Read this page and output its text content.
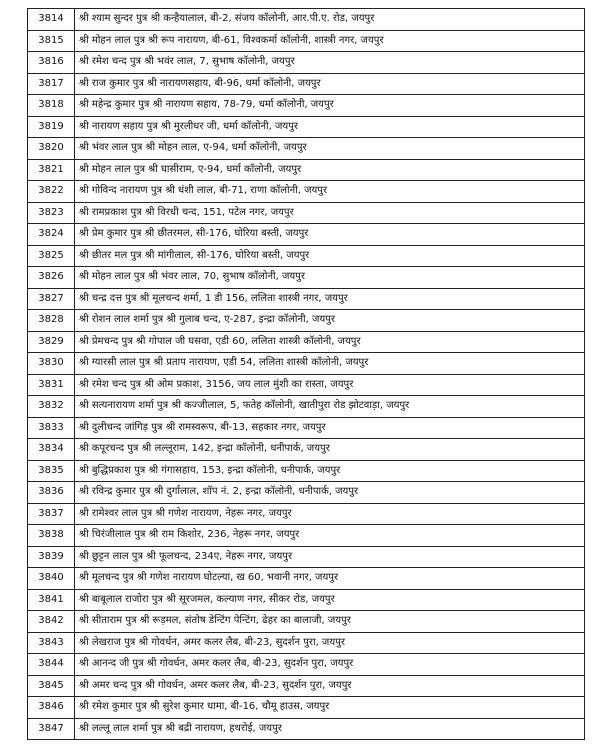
3814	श्री श्याम सुन्दर पुत्र श्री कन्हैयालाल, बी-2, संजय कॉलोनी, आर.पी.ए. रोड, जयपुर
3815	श्री मोहन लाल पुत्र श्री रूप नारायण, बी-61, विश्वकर्मा कॉलोनी, शास्त्री नगर, जयपुर
3816	श्री रमेश चन्द पुत्र श्री भवंर लाल, 7, सुभाष कॉलोनी, जयपुर
3817	श्री राज कुमार पुत्र श्री नारायणसहाय, बी-96, धर्मा कॉलोनी, जयपुर
3818	श्री महेन्द्र कुमार पुत्र श्री नारायण सहाय, 78-79, धर्मा कॉलोनी, जयपुर
3819	श्री नारायण सहाय पुत्र श्री मुरलीधर जी, धर्मा कॉलोनी, जयपुर
3820	श्री भंवर लाल पुत्र श्री मोहन लाल, ए-94, धर्मा कॉलोनी, जयपुर
3821	श्री मोहन लाल पुत्र श्री घासीराम, ए-94, धर्मा कॉलोनी, जयपुर
3822	श्री गोविन्द नारायण पुत्र श्री धंशी लाल, बी-71, राणा कॉलोनी, जयपुर
3823	श्री रामप्रकाश पुत्र श्री विरधी चन्द, 151, पटेल नगर, जयपुर
3824	श्री प्रेम कुमार पुत्र श्री छीतरमल, सी-176, घोरिया बस्ती, जयपुर
3825	श्री छीतर मल पुत्र श्री मांगीलाल, सी-176, घोरिया बस्ती, जयपुर
3826	श्री मोहन लाल पुत्र श्री भंवर लाल, 70, सुभाष कॉलोनी, जयपुर
3827	श्री चन्द्र दत्त पुत्र श्री मूलचन्द शर्मा, 1 डी 156, ललिता शास्त्री नगर, जयपुर
3828	श्री रोशन लाल शर्मा पुत्र श्री गुलाब चन्द, ए-287, इन्द्रा कॉलोनी, जयपुर
3829	श्री प्रेमचन्द पुत्र श्री गोपाल जी घसवा, एडी 60, ललिता शास्त्री कॉलोनी, जयपुर
3830	श्री ग्यारसी लाल पुत्र श्री प्रताप नारायण, एडी 54, ललिता शास्त्री कॉलोनी, जयपुर
3831	श्री रमेश चन्द पुत्र श्री ओम प्रकाश, 3156, जय लाल मुंशी का रास्ता, जयपुर
3832	श्री सत्यनारायण शर्मा पुत्र श्री कज्जीलाल, 5, फतेह कॉलोनी, खातीपुरा रोड झोटवाड़ा, जयपुर
3833	श्री दुलीचन्द जांगिड़ पुत्र श्री रामस्वरूप, बी-13, सहकार नगर, जयपुर
3834	श्री कपूरचन्द पुत्र श्री लल्लूराम, 142, इन्द्रा कॉलोनी, धनीपार्क, जयपुर
3835	श्री बुद्धिप्रकाश पुत्र श्री गंगासहाय, 153, इन्द्रा कॉलोनी, धनीपार्क, जयपुर
3836	श्री रविन्द्र कुमार पुत्र श्री दुर्गालाल, शॉप नं. 2, इन्द्रा कॉलोनी, धनीपार्क, जयपुर
3837	श्री रामेश्वर लाल पुत्र श्री गणेश नारायण, नेहरू नगर, जयपुर
3838	श्री चिरंजीलाल पुत्र श्री राम किशोर, 236, नेहरू नगर, जयपुर
3839	श्री छुट्टन लाल पुत्र श्री फूलचन्द, 234ए, नेहरू नगर, जयपुर
3840	श्री मूलचन्द पुत्र श्री गणेश नारायण घोटल्या, ख 60, भवानी नगर, जयपुर
3841	श्री बाबूलाल राजोरा पुत्र श्री सूरजमल, कल्याण नगर, सीकर रोड, जयपुर
3842	श्री सीताराम पुत्र श्री रूड़मल, संतोष डेन्टिंग पेन्टिंग, ढेहर का बालाजी, जयपुर
3843	श्री लेखराज पुत्र श्री गोवर्धन, अमर कलर लैब, बी-23, सुदर्शन पुरा, जयपुर
3844	श्री आनन्द जी पुत्र श्री गोवर्धन, अमर कलर लैब, बी-23, सुदर्शन पुरा, जयपुर
3845	श्री अमर चन्द पुत्र श्री गोवर्धन, अमर कलर लैब, बी-23, सुदर्शन पुरा, जयपुर
3846	श्री रमेश कुमार पुत्र श्री सुरेश कुमार धामा, बी-16, चौमू हाउस, जयपुर
3847	श्री लल्लू लाल शर्मा पुत्र श्री बद्री नारायण, हथरोई, जयपुर
